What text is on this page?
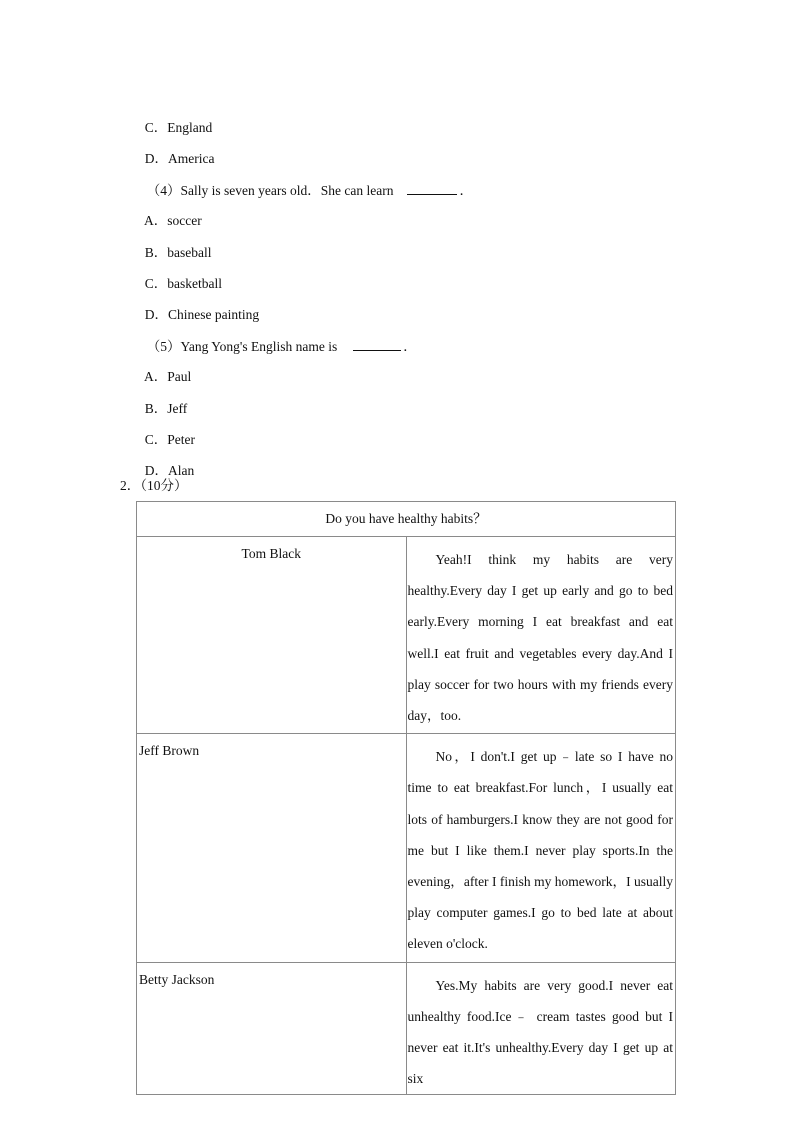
C．England

D．America

（4）Sally is seven years old．She can learn	．

A．soccer

B．baseball

C．basketball

D．Chinese painting

（5）Yang Yong's English name is	．

A．Paul

B．Jeff

C．Peter

D．Alan

2．（10分）
Do you have healthy habits？	

Tom Black	Yeah!I think my habits are very healthy.Every day I get up early and go to bed early.Every morning I eat breakfast and eat well.I eat fruit and vegetables every day.And I play soccer for two hours with my friends every day，too.

Jeff Brown	No，I don't.I get up﹣late so I have no time to eat breakfast.For lunch，I usually eat lots of hamburgers.I know they are not good for me but I like them.I never play sports.In the evening，after I finish my homework，I usually play computer games.I go to bed late at about eleven o'clock.

Betty Jackson	Yes.My habits are very good.I never eat unhealthy food.Ice﹣ cream tastes good but I never eat it.It's unhealthy.Every day I get up at six
